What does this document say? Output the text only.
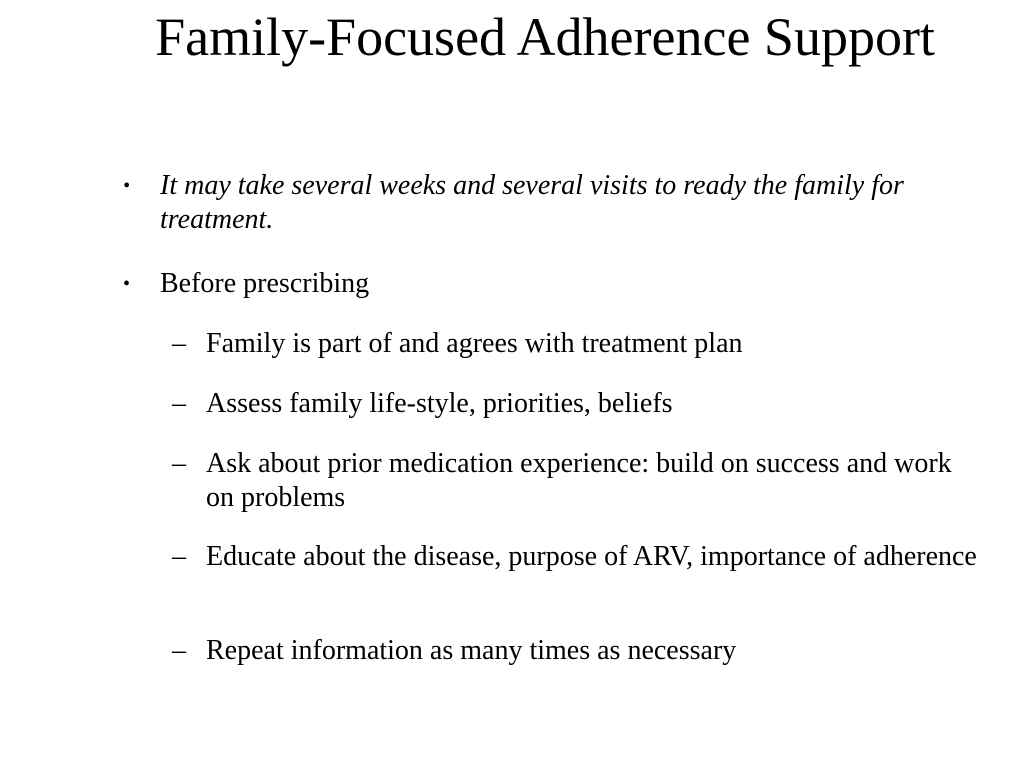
Family-Focused Adherence Support
• It may take several weeks and several visits to ready the family for treatment.
• Before prescribing
– Family is part of and agrees with treatment plan
– Assess family life-style, priorities, beliefs
– Ask about prior medication experience: build on success and work on problems
– Educate about the disease, purpose of ARV, importance of adherence
– Repeat information as many times as necessary
